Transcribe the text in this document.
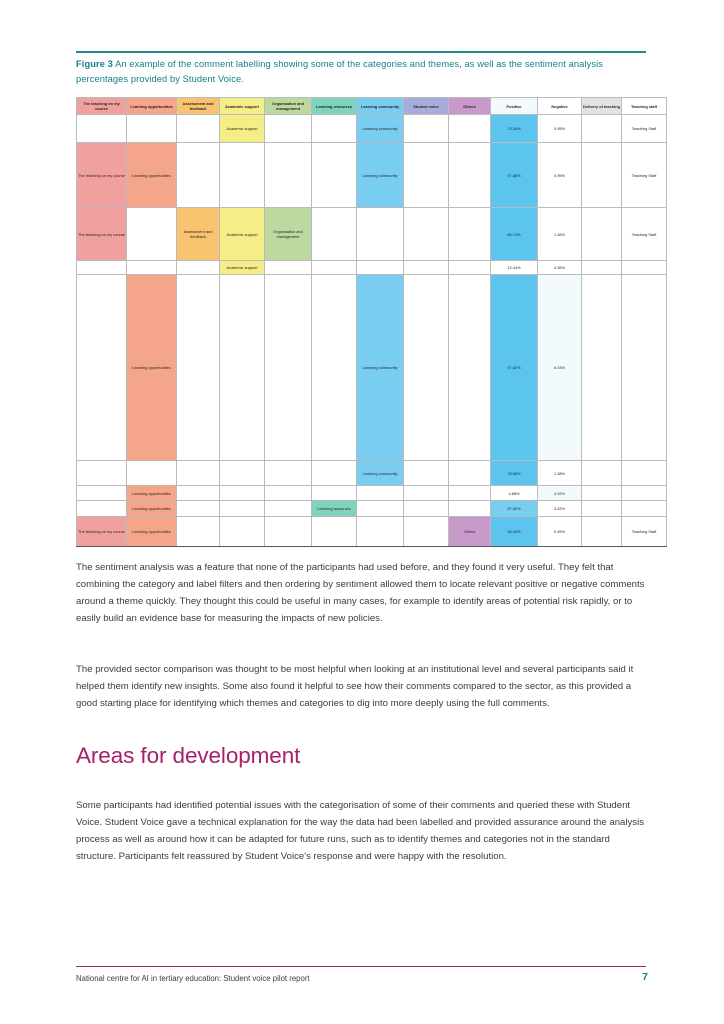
Figure 3 An example of the comment labelling showing some of the categories and themes, as well as the sentiment analysis percentages provided by Student Voice.
The teaching on my course	Learning opportunities	Assessment and feedback	Academic support	Organisation and management	Learning resources	Learning community	Student voice	Others	Positive	Negative	Delivery of teaching	Teaching staff

			Academic support			Learning community			73.34%	0.95%		Teaching Staff

The teaching on my course	Learning opportunities					Learning community			97.88%	0.95%		Teaching Staff

The teaching on my course		Assessment and feedback	Academic support	Organisation and management					66.74%	1.36%		Teaching Staff

			Academic support						12.44%	4.36%		

	Learning opportunities					Learning community			97.82%	6.03%		

						Learning community			78.88%	1.38%		

	Learning opportunities								4.68%	4.92%		

	Learning opportunities				Learning resources				67.80%	3.42%		

The teaching on my course	Learning opportunities							Others	94.40%	0.45%		Teaching Staff

The sentiment analysis was a feature that none of the participants had used before, and they found it very useful. They felt that combining the category and label filters and then ordering by sentiment allowed them to locate relevant positive or negative comments around a theme quickly. They thought this could be useful in many cases, for example to identify areas of potential risk rapidly, or to easily build an evidence base for measuring the impacts of new policies.

The provided sector comparison was thought to be most helpful when looking at an institutional level and several participants said it helped them identify new insights. Some also found it helpful to see how their comments compared to the sector, as this provided a good starting place for identifying which themes and categories to dig into more deeply using the full comments.

Areas for development

Some participants had identified potential issues with the categorisation of some of their comments and queried these with Student Voice. Student Voice gave a technical explanation for the way the data had been labelled and provided assurance around the analysis process as well as around how it can be adapted for future runs, such as to identify themes and categories not in the standard structure. Participants felt reassured by Student Voice's response and were happy with the resolution.

National centre for AI in tertiary education: Student voice pilot report	7
